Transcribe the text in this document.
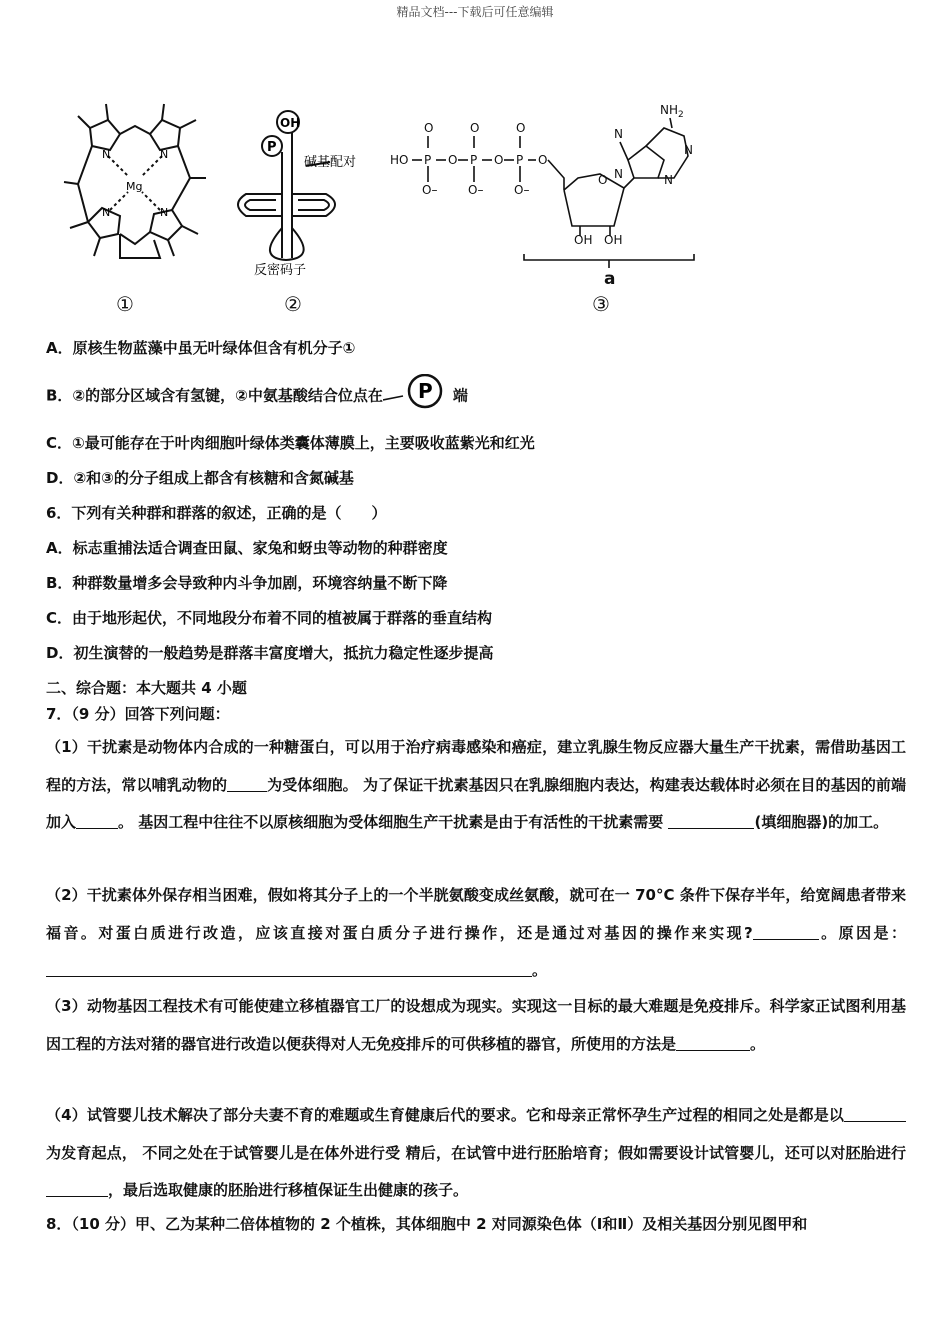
精品文档---下载后可任意编辑
Mg
N	N
N
N
①
OH
P
碱基配对
反密码子
②
HO P O P O P O
O	O	O
O–	O–	O–
O
$NH_2$
N
N
N
N
OH OH
a
③
A．原核生物蓝藻中虽无叶绿体但含有机分子①
B．②的部分区域含有氢键，②中氨基酸结合位点在 P 端
C．①最可能存在于叶肉细胞叶绿体类囊体薄膜上，主要吸收蓝紫光和红光
D．②和③的分子组成上都含有核糖和含氮碱基
6．下列有关种群和群落的叙述，正确的是（　　）
A．标志重捕法适合调查田鼠、家兔和蚜虫等动物的种群密度
B．种群数量增多会导致种内斗争加剧，环境容纳量不断下降
C．由于地形起伏，不同地段分布着不同的植被属于群落的垂直结构
D．初生演替的一般趋势是群落丰富度增大，抵抗力稳定性逐步提高
二、综合题：本大题共 4 小题
7．（9 分）回答下列问题：
（1）干扰素是动物体内合成的一种糖蛋白，可以用于治疗病毒感染和癌症，建立乳腺生物反应器大量生产干扰素，需借助基因工程的方法，常以哺乳动物的	为受体细胞。 为了保证干扰素基因只在乳腺细胞内表达，构建表达载体时必须在目的基因的前端加入	。 基因工程中往往不以原核细胞为受体细胞生产干扰素是由于有活性的干扰素需要	(填细胞器)的加工。
（2）干扰素体外保存相当困难，假如将其分子上的一个半胱氨酸变成丝氨酸，就可在一 70°C 条件下保存半年，给宽阔患者带来福音。对蛋白质进行改造，应该直接对蛋白质分子进行操作，还是通过对基因的操作来实现?	。原因是：。
（3）动物基因工程技术有可能使建立移植器官工厂的设想成为现实。实现这一目标的最大难题是免疫排斥。科学家正试图利用基因工程的方法对猪的器官进行改造以便获得对人无免疫排斥的可供移植的器官，所使用的方法是	。
（4）试管婴儿技术解决了部分夫妻不育的难题或生育健康后代的要求。它和母亲正常怀孕生产过程的相同之处是都是以为发育起点， 不同之处在于试管婴儿是在体外进行受 精后，在试管中进行胚胎培育；假如需要设计试管婴儿，还可以对胚胎进行，最后选取健康的胚胎进行移植保证生出健康的孩子。
8．（10 分）甲、乙为某种二倍体植物的 2 个植株，其体细胞中 2 对同源染色体（Ⅰ和Ⅱ）及相关基因分别见图甲和
